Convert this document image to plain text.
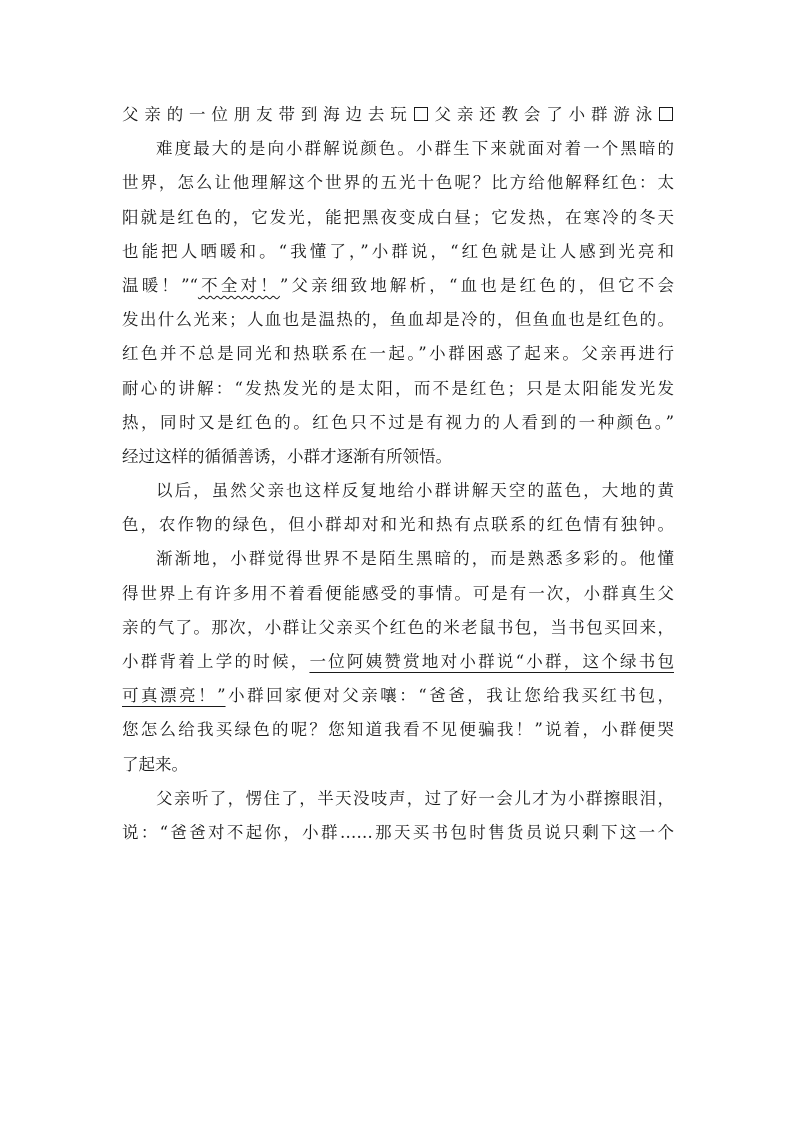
父亲的一位朋友带到海边去玩 父亲还教会了小群游泳
难度最大的是向小群解说颜色。小群生下来就面对着一个黑暗的
世界，怎么让他理解这个世界的五光十色呢？比方给他解释红色：太
阳就是红色的，它发光，能把黑夜变成白昼；它发热，在寒冷的冬天
也能把人晒暖和。“我懂了，”小群说，“红色就是让人感到光亮和
温暖！”“不全对！”父亲细致地解析，“血也是红色的，但它不会
发出什么光来；人血也是温热的，鱼血却是冷的，但鱼血也是红色的。
红色并不总是同光和热联系在一起。”小群困惑了起来。父亲再进行
耐心的讲解：“发热发光的是太阳，而不是红色；只是太阳能发光发
热，同时又是红色的。红色只不过是有视力的人看到的一种颜色。”
经过这样的循循善诱，小群才逐渐有所领悟。
以后，虽然父亲也这样反复地给小群讲解天空的蓝色，大地的黄
色，农作物的绿色，但小群却对和光和热有点联系的红色情有独钟。
渐渐地，小群觉得世界不是陌生黑暗的，而是熟悉多彩的。他懂
得世界上有许多用不着看便能感受的事情。可是有一次，小群真生父
亲的气了。那次，小群让父亲买个红色的米老鼠书包，当书包买回来，
小群背着上学的时候，一位阿姨赞赏地对小群说“小群，这个绿书包
可真漂亮！”小群回家便对父亲嚷：“爸爸，我让您给我买红书包，
您怎么给我买绿色的呢？您知道我看不见便骗我！”说着，小群便哭
了起来。
父亲听了，愣住了，半天没吱声，过了好一会儿才为小群擦眼泪，
说：“爸爸对不起你，小群……那天买书包时售货员说只剩下这一个
